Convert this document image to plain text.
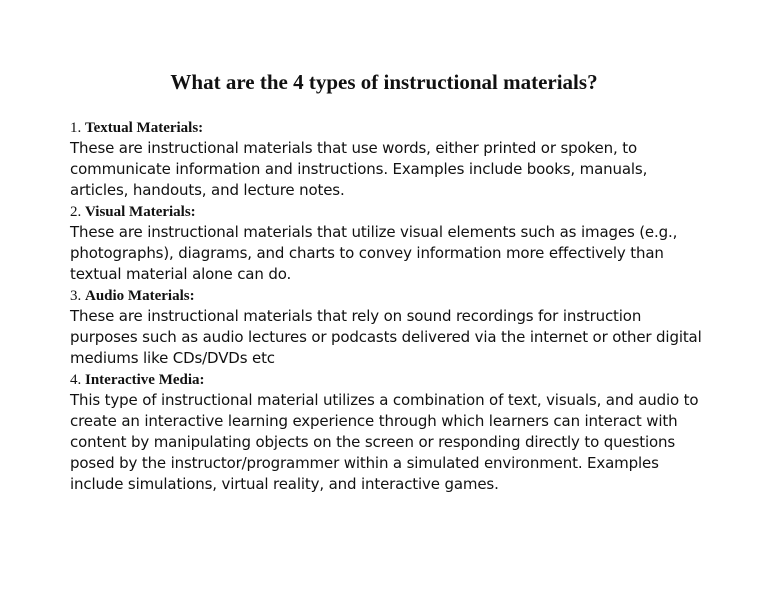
What are the 4 types of instructional materials?

1. Textual Materials:

These are instructional materials that use words, either printed or spoken, to communicate information and instructions. Examples include books, manuals, articles, handouts, and lecture notes.

2. Visual Materials:

These are instructional materials that utilize visual elements such as images (e.g., photographs), diagrams, and charts to convey information more effectively than textual material alone can do.

3. Audio Materials:

These are instructional materials that rely on sound recordings for instruction purposes such as audio lectures or podcasts delivered via the internet or other digital mediums like CDs/DVDs etc

4. Interactive Media:

This type of instructional material utilizes a combination of text, visuals, and audio to create an interactive learning experience through which learners can interact with content by manipulating objects on the screen or responding directly to questions posed by the instructor/programmer within a simulated environment. Examples include simulations, virtual reality, and interactive games.
